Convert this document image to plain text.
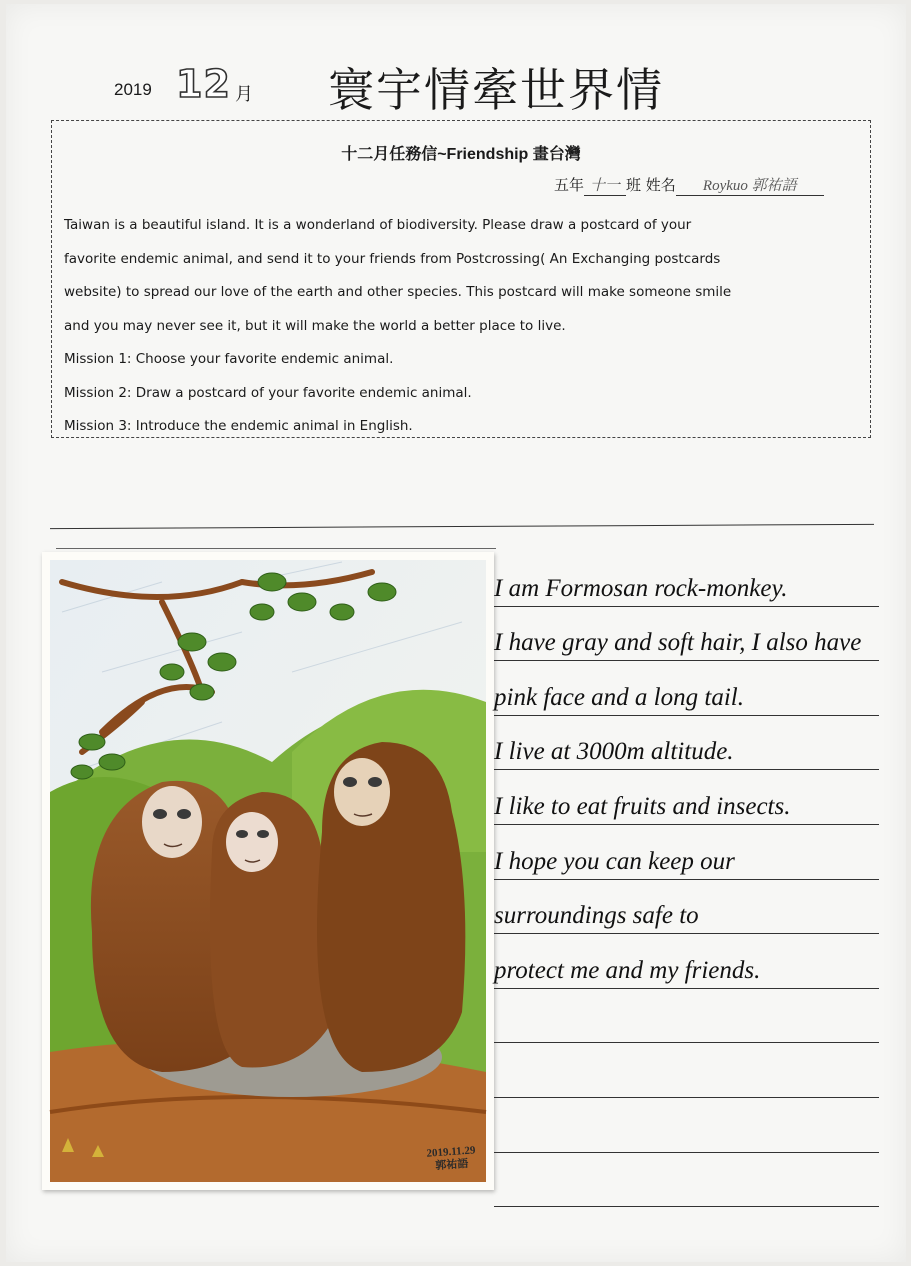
2019 12 月 寰宇情牽世界情
十二月任務信~Friendship 畫台灣
五年 十一 班 姓名 Roykuo 郭祐語

Taiwan is a beautiful island. It is a wonderland of biodiversity. Please draw a postcard of your

favorite endemic animal, and send it to your friends from Postcrossing( An Exchanging postcards

website) to spread our love of the earth and other species. This postcard will make someone smile

and you may never see it, but it will make the world a better place to live.

Mission 1: Choose your favorite endemic animal.

Mission 2: Draw a postcard of your favorite endemic animal.

Mission 3: Introduce the endemic animal in English.

2019.11.29
郭祐語
I am Formosan rock-monkey.
I have gray and soft hair, I also have
pink face and a long tail.
I live at 3000m altitude.
I like to eat fruits and insects.
I hope you can keep our
surroundings safe to
protect me and my friends.
